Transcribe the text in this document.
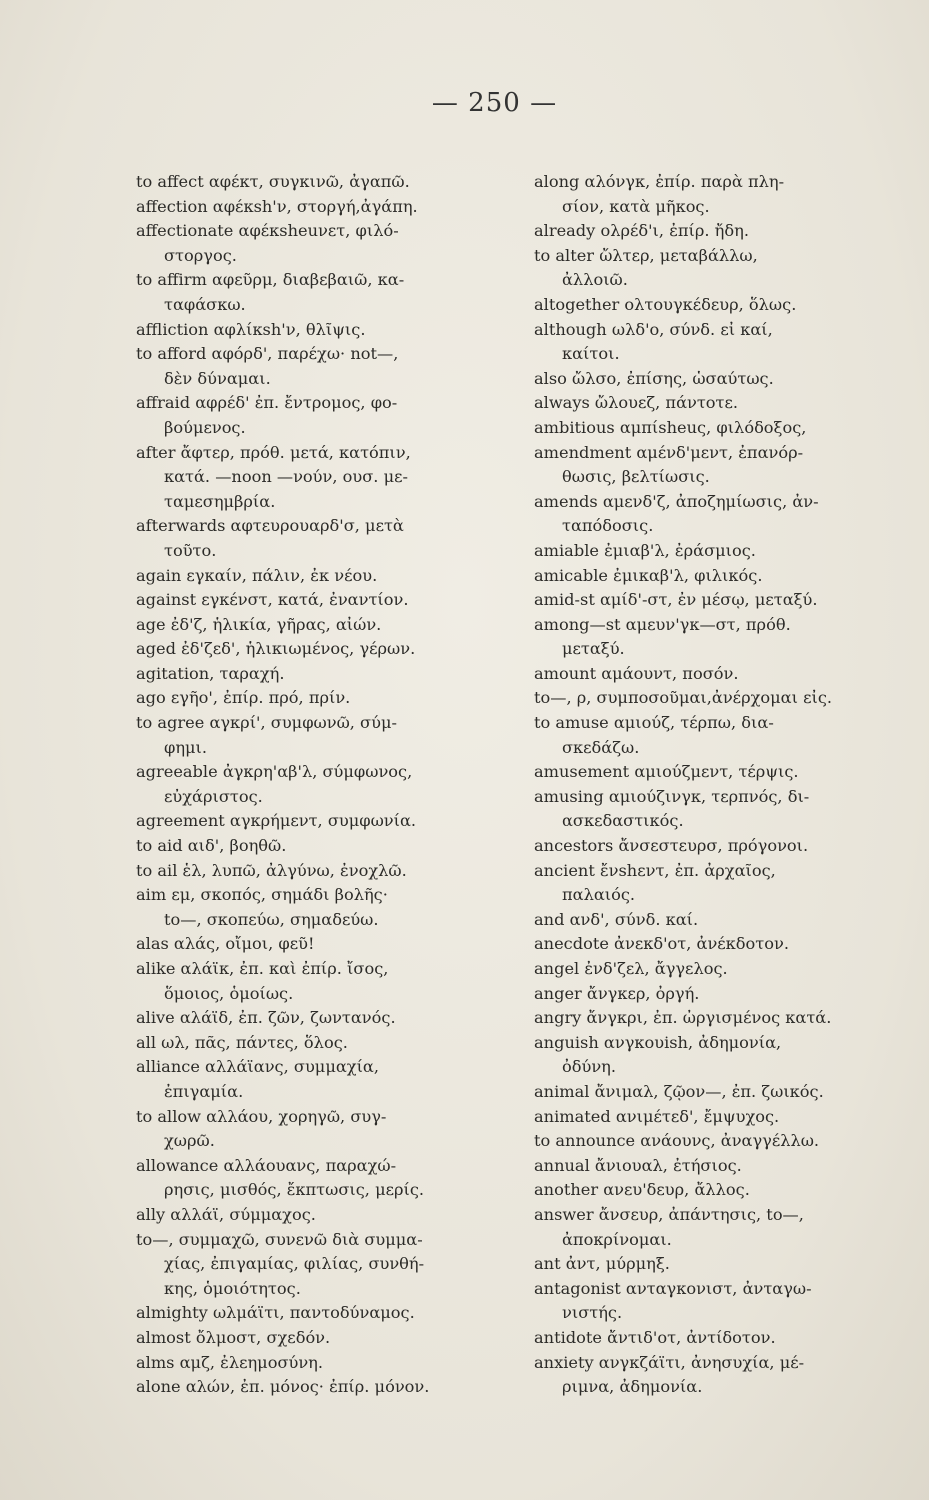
— 250 —
to affect αφέκτ, συγκινῶ, ἀγαπῶ.
affection αφέκsh'ν, στοργή,ἀγάπη.
affectionate αφέκsheuνετ, φιλό-
στοργος.
to affirm αφεῦρμ, διαβεβαιῶ, κα-
ταφάσκω.
affliction αφλίκsh'ν, θλῖψις.
to afford αφόρδ', παρέχω· not—,
δὲν δύναμαι.
affraid αφρέδ' ἐπ. ἔντρομος, φο-
βούμενος.
after ἄφτερ, πρόθ. μετά, κατόπιν,
κατά. —noon —νούν, ουσ. με-
ταμεσημβρία.
afterwards αφτευρουαρδ'σ, μετὰ
τοῦτο.
again εγκαίν, πάλιν, ἐκ νέου.
against εγκένστ, κατά, ἐναντίον.
age ἐδ'ζ, ἡλικία, γῆρας, αἰών.
aged ἐδ'ζεδ', ἡλικιωμένος, γέρων.
agitation, ταραχή.
ago εγῆο', ἐπίρ. πρό, πρίν.
to agree αγκρί', συμφωνῶ, σύμ-
φημι.
agreeable ἀγκρη'αβ'λ, σύμφωνος,
εὐχάριστος.
agreement αγκρήμεντ, συμφωνία.
to aid αιδ', βοηθῶ.
to ail ἑλ, λυπῶ, ἀλγύνω, ἐνοχλῶ.
aim εμ, σκοπός, σημάδι βολῆς·
to—, σκοπεύω, σημαδεύω.
alas αλάς, οἴμοι, φεῦ!
alike αλάϊκ, ἐπ. καὶ ἐπίρ. ἴσος,
ὅμοιος, ὁμοίως.
alive αλάϊδ, ἐπ. ζῶν, ζωντανός.
all ωλ, πᾶς, πάντες, ὅλος.
alliance αλλάϊανς, συμμαχία,
ἐπιγαμία.
to allow αλλάου, χορηγῶ, συγ-
χωρῶ.
allowance αλλάουανς, παραχώ-
ρησις, μισθός, ἔκπτωσις, μερίς.
ally αλλάϊ, σύμμαχος.
to—, συμμαχῶ, συνενῶ διὰ συμμα-
χίας, ἐπιγαμίας, φιλίας, συνθή-
κης, ὁμοιότητος.
almighty ωλμάϊτι, παντοδύναμος.
almost ὄλμοστ, σχεδόν.
alms αμζ, ἐλεημοσύνη.
alone αλών, ἐπ. μόνος· ἐπίρ. μόνον.
along αλόνγκ, ἐπίρ. παρὰ πλη-
σίον, κατὰ μῆκος.
already ολρέδ'ι, ἐπίρ. ἤδη.
to alter ὤλτερ, μεταβάλλω,
ἀλλοιῶ.
altogether ολτουγκέδευρ, ὅλως.
although ωλδ'ο, σύνδ. εἰ καί,
καίτοι.
also ὤλσο, ἐπίσης, ὡσαύτως.
always ὤλουεζ, πάντοτε.
ambitious αμπίsheuς, φιλόδοξος,
amendment αμένδ'μεντ, ἐπανόρ-
θωσις, βελτίωσις.
amends αμενδ'ζ, ἀποζημίωσις, ἀν-
ταπόδοσις.
amiable ἐμιαβ'λ, ἐράσμιος.
amicable ἐμικαβ'λ, φιλικός.
amid-st αμίδ'-στ, ἐν μέσῳ, μεταξύ.
among—st αμευν'γκ—στ, πρόθ.
μεταξύ.
amount αμάουντ, ποσόν.
to—, ρ, συμποσοῦμαι,ἀνέρχομαι εἰς.
to amuse αμιούζ, τέρπω, δια-
σκεδάζω.
amusement αμιούζμεντ, τέρψις.
amusing αμιούζινγκ, τερπνός, δι-
ασκεδαστικός.
ancestors ἄνσεστευρσ, πρόγονοι.
ancient ἔνshεντ, ἐπ. ἀρχαῖος,
παλαιός.
and ανδ', σύνδ. καί.
anecdote ἀνεκδ'οτ, ἀνέκδοτον.
angel ἐνδ'ζελ, ἄγγελος.
anger ἄνγκερ, ὀργή.
angry ἄνγκρι, ἐπ. ὠργισμένος κατά.
anguish ανγκουish, ἀδημονία,
ὀδύνη.
animal ἄνιμαλ, ζῷον—, ἐπ. ζωικός.
animated ανιμέτεδ', ἔμψυχος.
to announce ανάουνς, ἀναγγέλλω.
annual ἄνιουαλ, ἐτήσιος.
another ανευ'δευρ, ἄλλος.
answer ἄνσευρ, ἀπάντησις, to—,
ἀποκρίνομαι.
ant ἀντ, μύρμηξ.
antagonist ανταγκονιστ, ἀνταγω-
νιστής.
antidote ἄντιδ'οτ, ἀντίδοτον.
anxiety ανγκζάϊτι, ἀνησυχία, μέ-
ριμνα, ἀδημονία.
